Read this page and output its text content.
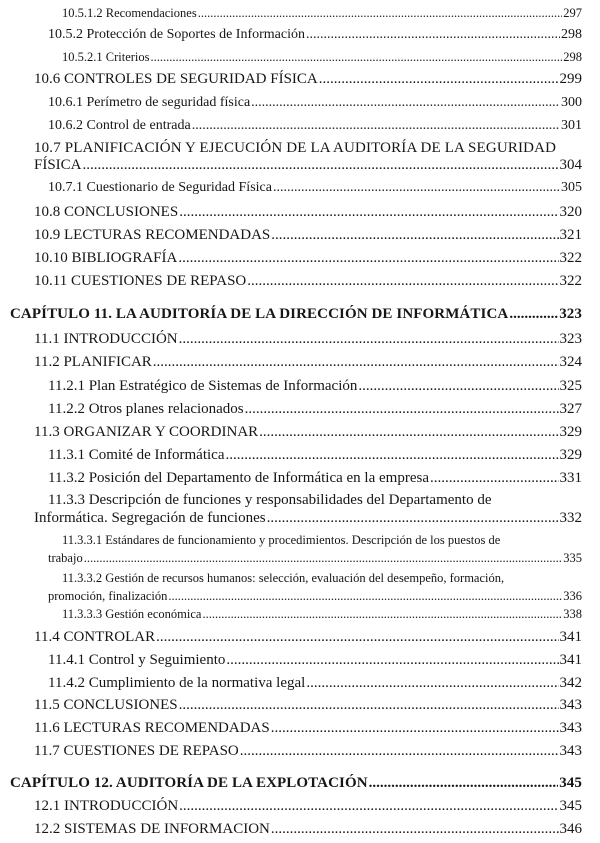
10.5.1.2 Recomendaciones .....	297
10.5.2 Protección de Soportes de Información .....	298
10.5.2.1 Criterios .....	298
10.6 CONTROLES DE SEGURIDAD FÍSICA .....	299
10.6.1 Perímetro de seguridad física .....	300
10.6.2 Control de entrada .....	301
10.7 PLANIFICACIÓN Y EJECUCIÓN DE LA AUDITORÍA DE LA SEGURIDAD
FÍSICA .....	304
10.7.1 Cuestionario de Seguridad Física .....	305
10.8 CONCLUSIONES .....	320
10.9 LECTURAS RECOMENDADAS .....	321
10.10 BIBLIOGRAFÍA .....	322
10.11 CUESTIONES DE REPASO .....	322
CAPÍTULO 11. LA AUDITORÍA DE LA DIRECCIÓN DE INFORMÁTICA .....	323
11.1 INTRODUCCIÓN .....	323
11.2 PLANIFICAR .....	324
11.2.1 Plan Estratégico de Sistemas de Información .....	325
11.2.2 Otros planes relacionados .....	327
11.3 ORGANIZAR Y COORDINAR .....	329
11.3.1 Comité de Informática .....	329
11.3.2 Posición del Departamento de Informática en la empresa .....	331
11.3.3 Descripción de funciones y responsabilidades del Departamento de
Informática. Segregación de funciones .....	332
11.3.3.1 Estándares de funcionamiento y procedimientos. Descripción de los puestos de
trabajo .....	335
11.3.3.2 Gestión de recursos humanos: selección, evaluación del desempeño, formación,
promoción, finalización .....	336
11.3.3.3 Gestión económica .....	338
11.4 CONTROLAR .....	341
11.4.1 Control y Seguimiento .....	341
11.4.2 Cumplimiento de la normativa legal .....	342
11.5 CONCLUSIONES .....	343
11.6 LECTURAS RECOMENDADAS .....	343
11.7 CUESTIONES DE REPASO .....	343
CAPÍTULO 12. AUDITORÍA DE LA EXPLOTACIÓN .....	345
12.1 INTRODUCCIÓN .....	345
12.2 SISTEMAS DE INFORMACION .....	346
